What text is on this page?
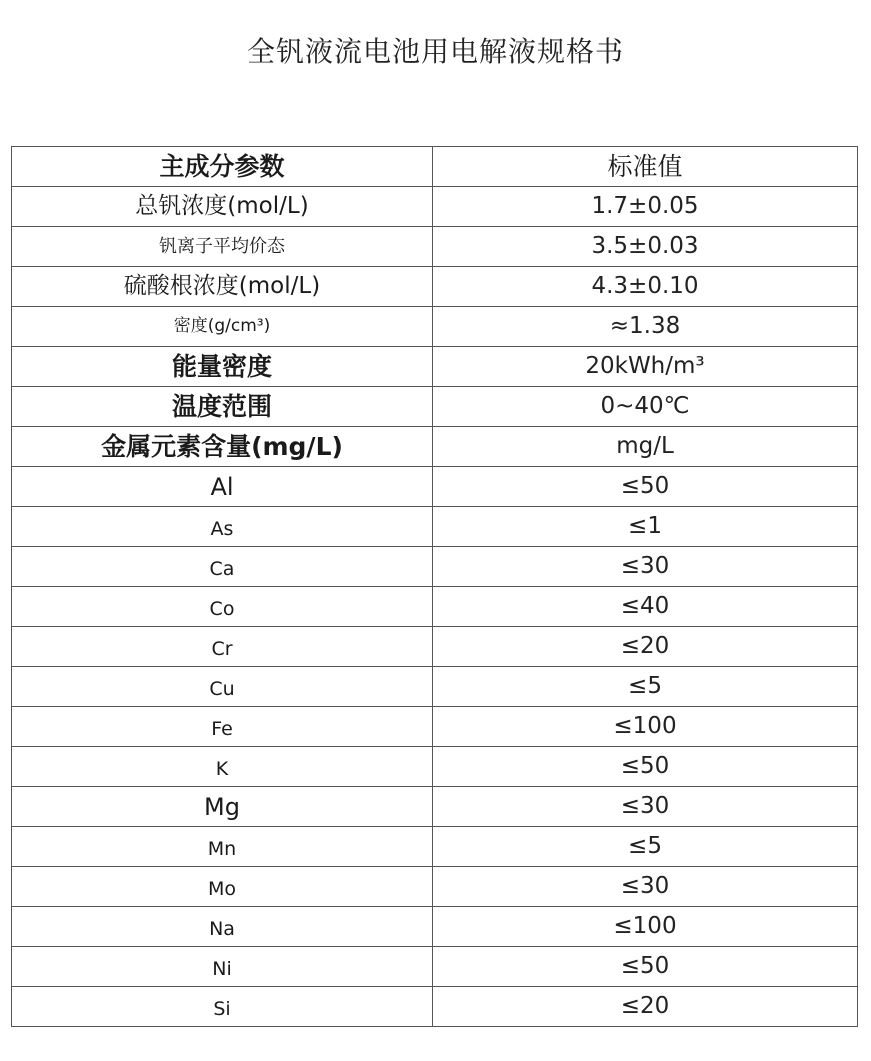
全钒液流电池用电解液规格书
主成分参数	标准值
总钒浓度(mol/L)	1.7±0.05
钒离子平均价态	3.5±0.03
硫酸根浓度(mol/L)	4.3±0.10
密度(g/cm³)	≈1.38
能量密度	20kWh/m³
温度范围	0~40℃
金属元素含量(mg/L)	mg/L
Al	≤50
As	≤1
Ca	≤30
Co	≤40
Cr	≤20
Cu	≤5
Fe	≤100
K	≤50
Mg	≤30
Mn	≤5
Mo	≤30
Na	≤100
Ni	≤50
Si	≤20
